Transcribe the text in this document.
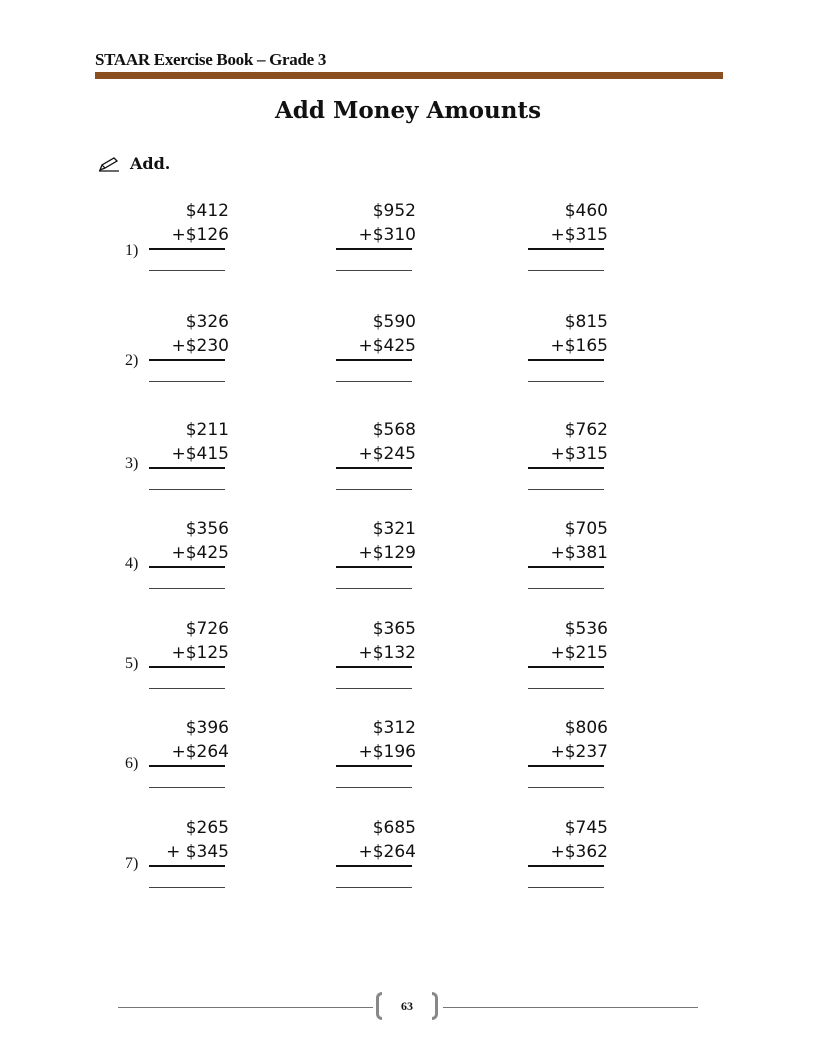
STAAR Exercise Book – Grade 3
Add Money Amounts
Add.
1)
$412
+$126
$952
+$310
$460
+$315
2)
$326
+$230
$590
+$425
$815
+$165
3)
$211
+$415
$568
+$245
$762
+$315
4)
$356
+$425
$321
+$129
$705
+$381
5)
$726
+$125
$365
+$132
$536
+$215
6)
$396
+$264
$312
+$196
$806
+$237
7)
$265
+ $345
$685
+$264
$745
+$362
63
